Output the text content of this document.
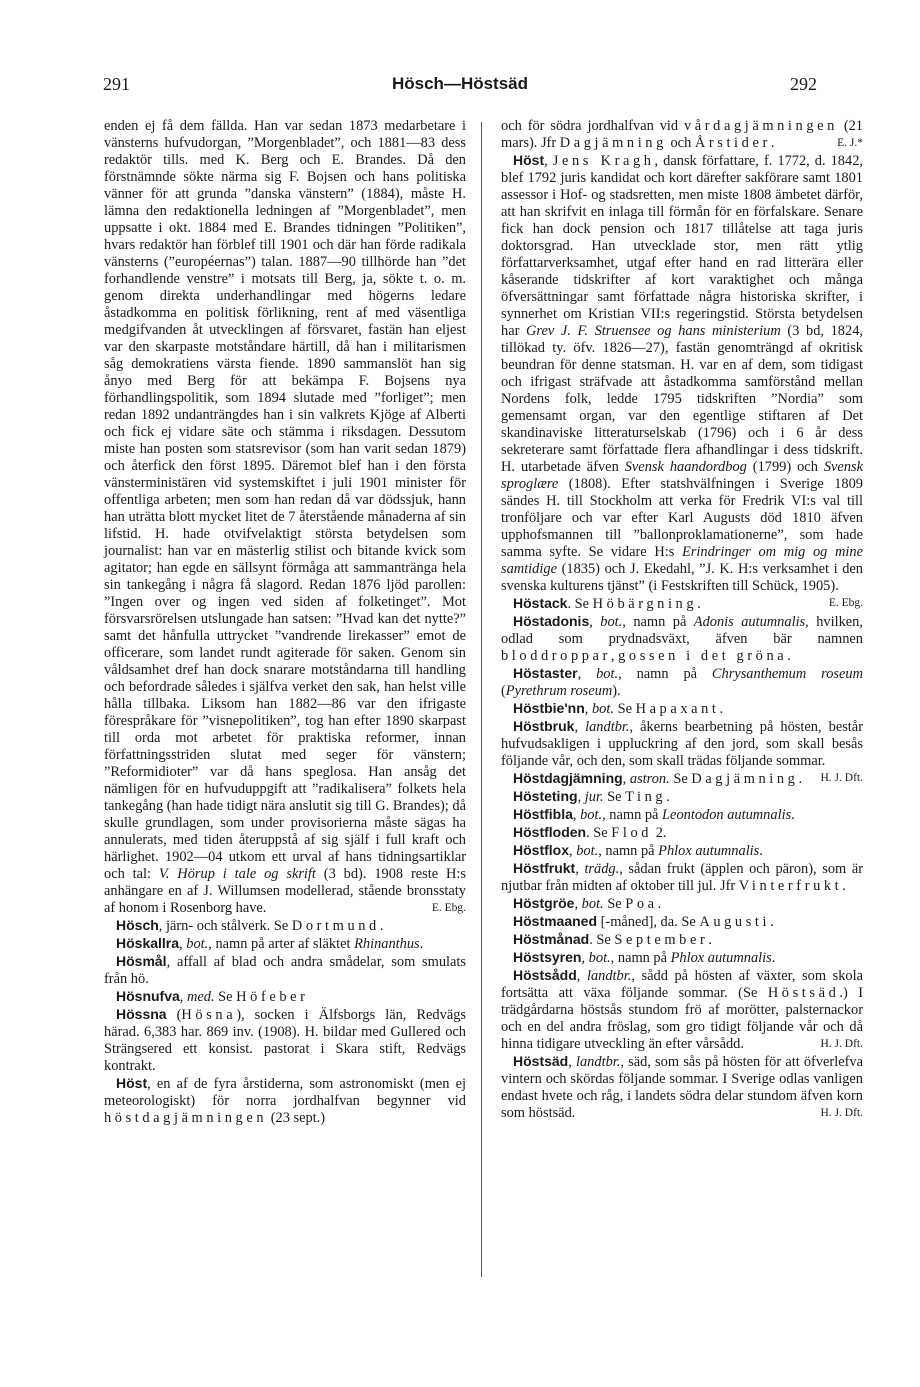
291	Hösch—Höstsäd	292

enden ej få dem fällda. Han var sedan 1873 medarbetare i vänsterns hufvudorgan, ”Morgenbladet”, och 1881—83 dess redaktör tills. med K. Berg och E. Brandes. Då den förstnämnde sökte närma sig F. Bojsen och hans politiska vänner för att grunda ”danska vänstern” (1884), måste H. lämna den redaktionella ledningen af ”Morgenbladet”, men uppsatte i okt. 1884 med E. Brandes tidningen ”Politiken”, hvars redaktör han förblef till 1901 och där han förde radikala vänsterns (”européernas”) talan. 1887—90 tillhörde han ”det forhandlende venstre” i motsats till Berg, ja, sökte t. o. m. genom direkta underhandlingar med högerns ledare åstadkomma en politisk förlikning, rent af med väsentliga medgifvanden åt utvecklingen af försvaret, fastän han eljest var den skarpaste motståndare härtill, då han i militarismen såg demokratiens värsta fiende. 1890 sammanslöt han sig ånyo med Berg för att bekämpa F. Bojsens nya förhandlingspolitik, som 1894 slutade med ”forliget”; men redan 1892 undanträngdes han i sin valkrets Kjöge af Alberti och fick ej vidare säte och stämma i riksdagen. Dessutom miste han posten som statsrevisor (som han varit sedan 1879) och återfick den först 1895. Däremot blef han i den första vänsterministären vid systemskiftet i juli 1901 minister för offentliga arbeten; men som han redan då var dödssjuk, hann han uträtta blott mycket litet de 7 återstående månaderna af sin lifstid. H. hade otvifvelaktigt största betydelsen som journalist: han var en mästerlig stilist och bitande kvick som agitator; han egde en sällsynt förmåga att sammantränga hela sin tankegång i några få slagord. Redan 1876 ljöd parollen: ”Ingen over og ingen ved siden af folketinget”. Mot försvarsrörelsen utslungade han satsen: ”Hvad kan det nytte?” samt det hånfulla uttrycket ”vandrende lirekasser” emot de officerare, som landet rundt agiterade för saken. Genom sin våldsamhet dref han dock snarare motståndarna till handling och befordrade således i själfva verket den sak, han helst ville hålla tillbaka. Liksom han 1882—86 var den ifrigaste förespråkare för ”visnepolitiken”, tog han efter 1890 skarpast till orda mot arbetet för praktiska reformer, innan författningsstriden slutat med seger för vänstern; ”Reformidioter” var då hans speglosa. Han ansåg det nämligen för en hufvuduppgift att ”radikalisera” folkets hela tankegång (han hade tidigt nära anslutit sig till G. Brandes); då skulle grundlagen, som under provisorierna måste sägas ha annulerats, med tiden återuppstå af sig själf i full kraft och härlighet. 1902—04 utkom ett urval af hans tidningsartiklar och tal: V. Hörup i tale og skrift (3 bd). 1908 reste H:s anhängare en af J. Willumsen modellerad, stående bronsstaty af honom i Rosenborg have.	E. Ebg.

Hösch, järn- och stålverk. Se Dortmund.

Höskallra, bot., namn på arter af släktet Rhinanthus.

Hösmål, affall af blad och andra smådelar, som smulats från hö.

Hösnufva, med. Se Höfeber

Hössna (Hösna), socken i Älfsborgs län, Redvägs härad. 6,383 har. 869 inv. (1908). H. bildar med Gullered och Strängsered ett konsist. pastorat i Skara stift, Redvägs kontrakt.

Höst, en af de fyra årstiderna, som astronomiskt (men ej meteorologiskt) för norra jordhalfvan begynner vid höstdagjämningen (23 sept.)

och för södra jordhalfvan vid vårdagjämningen (21 mars). Jfr Dagjämning och Årstider.	E. J.*

Höst, Jens Kragh, dansk författare, f. 1772, d. 1842, blef 1792 juris kandidat och kort därefter sakförare samt 1801 assessor i Hof- og stadsretten, men miste 1808 ämbetet därför, att han skrifvit en inlaga till förmån för en förfalskare. Senare fick han dock pension och 1817 tillåtelse att taga juris doktorsgrad. Han utvecklade stor, men rätt ytlig författarverksamhet, utgaf efter hand en rad litterära eller kåserande tidskrifter af kort varaktighet och många öfversättningar samt författade några historiska skrifter, i synnerhet om Kristian VII:s regeringstid. Största betydelsen har Grev J. F. Struensee og hans ministerium (3 bd, 1824, tillökad ty. öfv. 1826—27), fastän genomträngd af okritisk beundran för denne statsman. H. var en af dem, som tidigast och ifrigast sträfvade att åstadkomma samförstånd mellan Nordens folk, ledde 1795 tidskriften ”Nordia” som gemensamt organ, var den egentlige stiftaren af Det skandinaviske litteraturselskab (1796) och i 6 år dess sekreterare samt författade flera afhandlingar i dess tidskrift. H. utarbetade äfven Svensk haandordbog (1799) och Svensk sproglære (1808). Efter statshvälfningen i Sverige 1809 sändes H. till Stockholm att verka för Fredrik VI:s val till tronföljare och var efter Karl Augusts död 1810 äfven upphofsmannen till ”ballonproklamationerne”, som hade samma syfte. Se vidare H:s Erindringer om mig og mine samtidige (1835) och J. Ekedahl, ”J. K. H:s verksamhet i den svenska kulturens tjänst” (i Festskriften till Schück, 1905).
E. Ebg.

Höstack. Se Höbärgning.

Höstadonis, bot., namn på Adonis autumnalis, hvilken, odlad som prydnadsväxt, äfven bär namnen bloddroppar, gossen i det gröna.

Höstaster, bot., namn på Chrysanthemum roseum (Pyrethrum roseum).

Höstbie'nn, bot. Se Hapaxant.

Höstbruk, landtbr., åkerns bearbetning på hösten, består hufvudsakligen i uppluckring af den jord, som skall besås följande vår, och den, som skall trädas följande sommar.
H. J. Dft.

Höstdagjämning, astron. Se Dagjämning.

Hösteting, jur. Se Ting.

Höstfibla, bot., namn på Leontodon autumnalis.

Höstfloden. Se Flod 2.

Höstflox, bot., namn på Phlox autumnalis.

Höstfrukt, trädg., sådan frukt (äpplen och päron), som är njutbar från midten af oktober till jul. Jfr Vinterfrukt.

Höstgröe, bot. Se Poa.

Höstmaaned [-måned], da. Se Augusti.

Höstmånad. Se September.

Höstsyren, bot., namn på Phlox autumnalis.

Höstsådd, landtbr., sådd på hösten af växter, som skola fortsätta att växa följande sommar. (Se Höstsäd.) I trädgårdarna höstsås stundom frö af morötter, palsternackor och en del andra fröslag, som gro tidigt följande vår och då hinna tidigare utveckling än efter vårsådd.	H. J. Dft.

Höstsäd, landtbr., säd, som sås på hösten för att öfverlefva vintern och skördas följande sommar. I Sverige odlas vanligen endast hvete och råg, i landets södra delar stundom äfven korn som höstsäd.	H. J. Dft.
